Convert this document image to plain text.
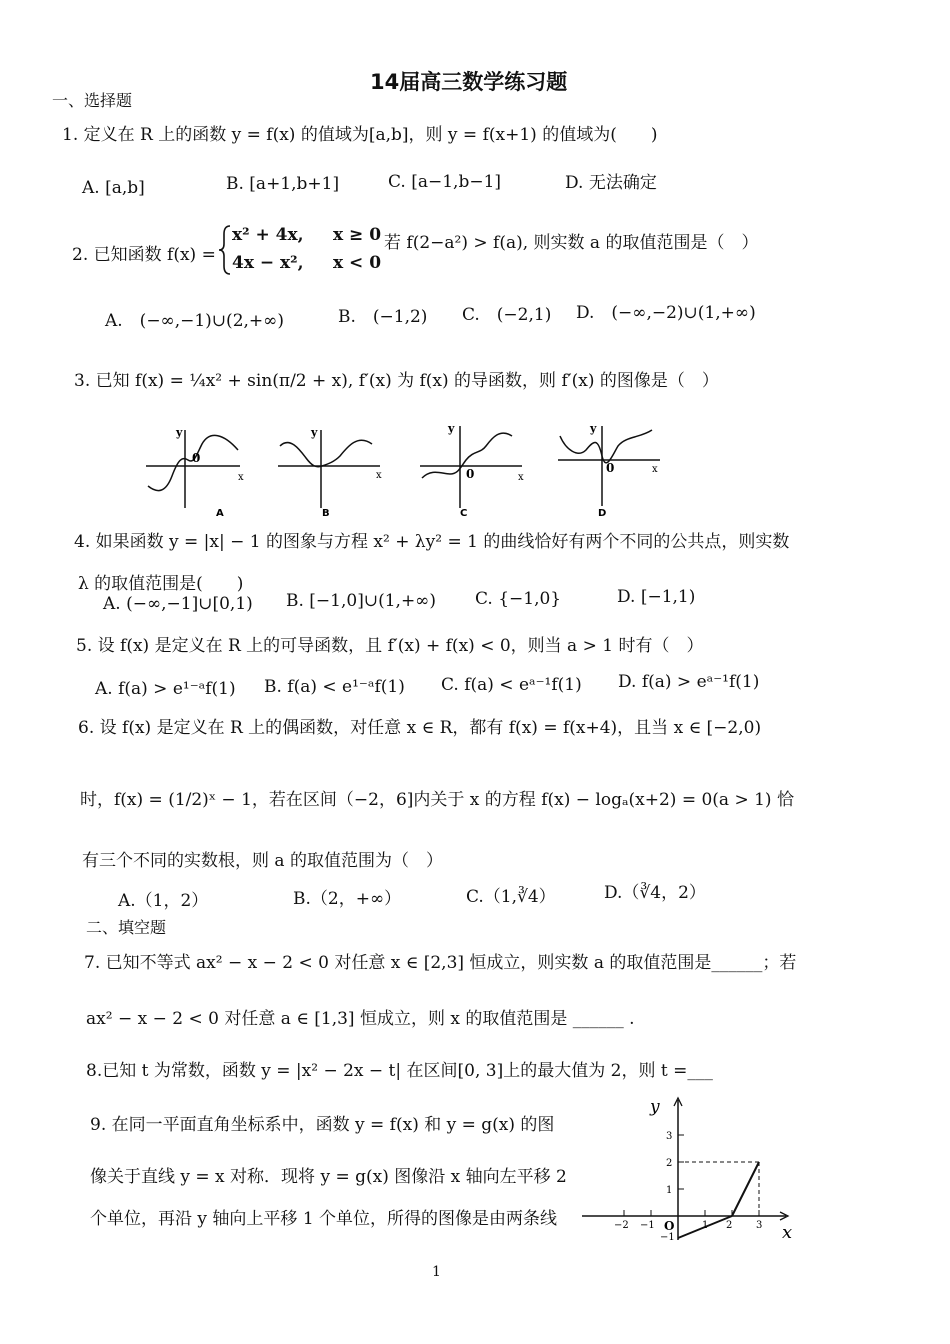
14届高三数学练习题
一、选择题
1. 定义在 R 上的函数 y = f(x) 的值域为[a,b]，则 y = f(x+1) 的值域为(　　)
A. [a,b]	B. [a+1,b+1]	C. [a−1,b−1]	D. 无法确定
2. 已知函数 f(x) =
x² + 4x, x ≥ 0
4x − x², x < 0
若 f(2−a²) > f(a), 则实数 a 的取值范围是（　）
A.　(−∞,−1)∪(2,+∞)	B.　(−1,2) C.　(−2,1) D.　(−∞,−2)∪(1,+∞)
3. 已知 f(x) = ¼x² + sin(π/2 + x), f′(x) 为 f(x) 的导函数，则 f′(x) 的图像是（　）
y
0
x
A
y
x
B
y
0	x
C
y
0	x
D
4. 如果函数 y = |x| − 1 的图象与方程 x² + λy² = 1 的曲线恰好有两个不同的公共点，则实数
λ 的取值范围是(　　)
A. (−∞,−1]∪[0,1) B. [−1,0]∪(1,+∞) C. {−1,0}	D. [−1,1)
5. 设 f(x) 是定义在 R 上的可导函数，且 f′(x) + f(x) < 0，则当 a > 1 时有（　）
A. f(a) > e¹⁻ᵃf(1) B. f(a) < e¹⁻ᵃf(1) C. f(a) < eᵃ⁻¹f(1) D. f(a) > eᵃ⁻¹f(1)
6. 设 f(x) 是定义在 R 上的偶函数，对任意 x ∈ R，都有 f(x) = f(x+4)，且当 x ∈ [−2,0)
时，f(x) = (1/2)ˣ − 1，若在区间（−2，6]内关于 x 的方程 f(x) − logₐ(x+2) = 0(a > 1) 恰
有三个不同的实数根，则 a 的取值范围为（　）
A.（1，2）	B.（2，+∞）	C.（1,∛4）	D.（∛4，2）
二、填空题
7. 已知不等式 ax² − x − 2 < 0 对任意 x ∈ [2,3] 恒成立，则实数 a 的取值范围是______；若
ax² − x − 2 < 0 对任意 a ∈ [1,3] 恒成立，则 x 的取值范围是 ______ .
8.已知 t 为常数，函数 y = |x² − 2x − t| 在区间[0, 3]上的最大值为 2，则 t =___
9. 在同一平面直角坐标系中，函数 y = f(x) 和 y = g(x) 的图
像关于直线 y = x 对称．现将 y = g(x) 图像沿 x 轴向左平移 2
个单位，再沿 y 轴向上平移 1 个单位，所得的图像是由两条线
y
x
3
2
1
−1
−2 −1 O	1 2 3
1
